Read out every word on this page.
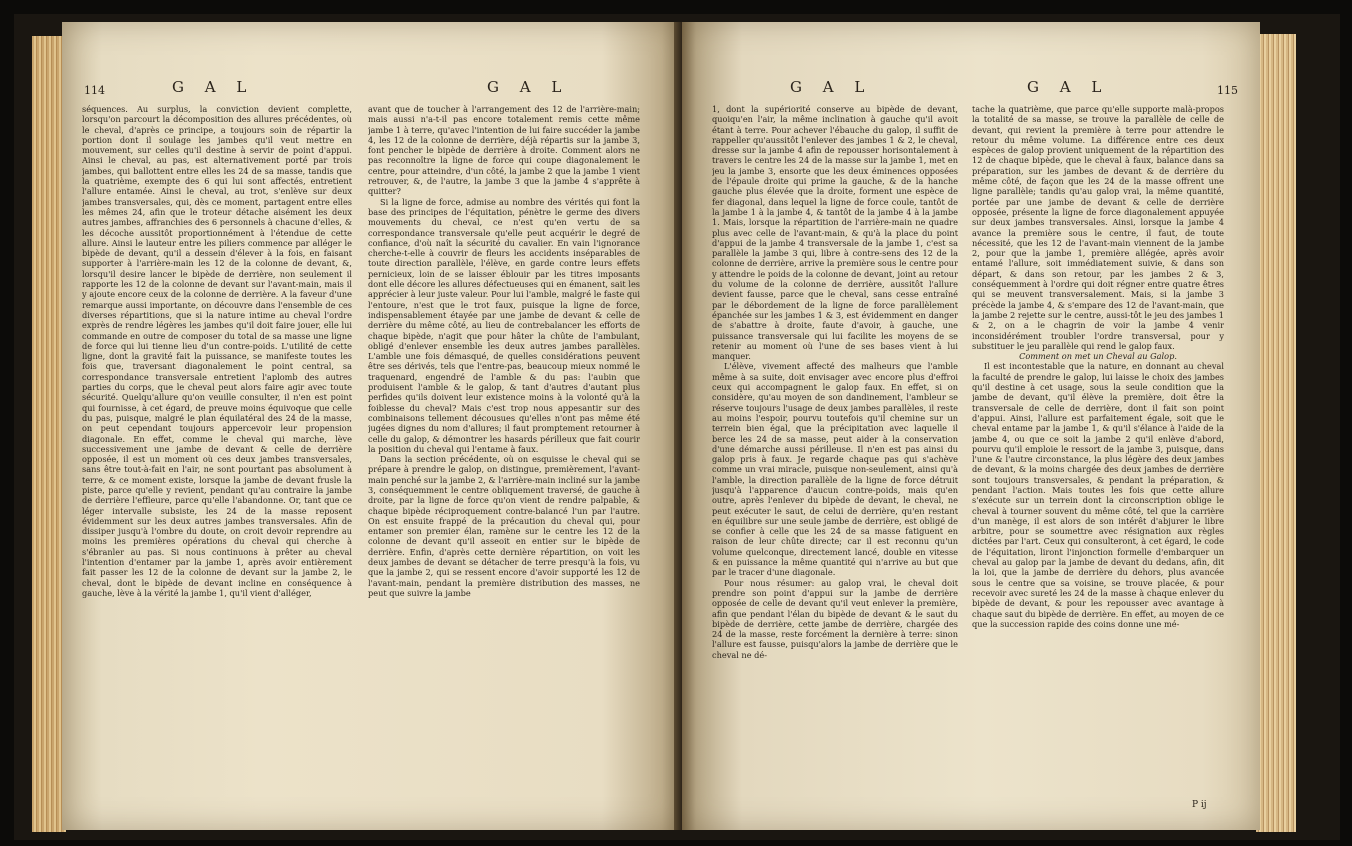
114	G A L	G A L

séquences. Au surplus, la conviction devient complette, lorsqu'on parcourt la décomposition des allures précédentes, où le cheval, d'après ce principe, a toujours soin de répartir la portion dont il soulage les jambes qu'il veut mettre en mouvement, sur celles qu'il destine à servir de point d'appui. Ainsi le cheval, au pas, est alternativement porté par trois jambes, qui ballottent entre elles les 24 de sa masse, tandis que la quatrième, exempte des 6 qui lui sont affectés, entretient l'allure entamée. Ainsi le cheval, au trot, s'enlève sur deux jambes transversales, qui, dès ce moment, partagent entre elles les mêmes 24, afin que le troteur détache aisément les deux autres jambes, affranchies des 6 personnels à chacune d'elles, & les décoche aussitôt proportionnément à l'étendue de cette allure. Ainsi le lauteur entre les piliers commence par alléger le bipède de devant, qu'il a dessein d'élever à la fois, en faisant supporter à l'arrière-main les 12 de la colonne de devant, &, lorsqu'il desire lancer le bipède de derrière, non seulement il rapporte les 12 de la colonne de devant sur l'avant-main, mais il y ajoute encore ceux de la colonne de derrière. A la faveur d'une remarque aussi importante, on découvre dans l'ensemble de ces diverses répartitions, que si la nature intime au cheval l'ordre exprès de rendre légères les jambes qu'il doit faire jouer, elle lui commande en outre de composer du total de sa masse une ligne de force qui lui tienne lieu d'un contre-poids. L'utilité de cette ligne, dont la gravité fait la puissance, se manifeste toutes les fois que, traversant diagonalement le point central, sa correspondance transversale entretient l'aplomb des autres parties du corps, que le cheval peut alors faire agir avec toute sécurité. Quelqu'allure qu'on veuille consulter, il n'en est point qui fournisse, à cet égard, de preuve moins équivoque que celle du pas, puisque, malgré le plan équilatéral des 24 de la masse, on peut cependant toujours appercevoir leur propension diagonale. En effet, comme le cheval qui marche, lève successivement une jambe de devant & celle de derrière opposée, il est un moment où ces deux jambes transversales, sans être tout-à-fait en l'air, ne sont pourtant pas absolument à terre, & ce moment existe, lorsque la jambe de devant frusle la piste, parce qu'elle y revient, pendant qu'au contraire la jambe de derrière l'effleure, parce qu'elle l'abandonne. Or, tant que ce léger intervalle subsiste, les 24 de la masse reposent évidemment sur les deux autres jambes transversales. Afin de dissiper jusqu'à l'ombre du doute, on croit devoir reprendre au moins les premières opérations du cheval qui cherche à s'ébranler au pas. Si nous continuons à prêter au cheval l'intention d'entamer par la jambe 1, après avoir entièrement fait passer les 12 de la colonne de devant sur la jambe 2, le cheval, dont le bipède de devant incline en conséquence à gauche, lève à la vérité la jambe 1, qu'il vient d'alléger,

avant que de toucher à l'arrangement des 12 de l'arrière-main; mais aussi n'a-t-il pas encore totalement remis cette même jambe 1 à terre, qu'avec l'intention de lui faire succéder la jambe 4, les 12 de la colonne de derrière, déjà répartis sur la jambe 3, font pencher le bipède de derrière à droite. Comment alors ne pas reconnoître la ligne de force qui coupe diagonalement le centre, pour atteindre, d'un côté, la jambe 2 que la jambe 1 vient retrouver, &, de l'autre, la jambe 3 que la jambe 4 s'apprête à quitter?

Si la ligne de force, admise au nombre des vérités qui font la base des principes de l'équitation, pénètre le germe des divers mouvements du cheval, ce n'est qu'en vertu de sa correspondance transversale qu'elle peut acquérir le degré de confiance, d'où naît la sécurité du cavalier. En vain l'ignorance cherche-t-elle à couvrir de fleurs les accidents inséparables de toute direction parallèle, l'élève, en garde contre leurs effets pernicieux, loin de se laisser éblouir par les titres imposants dont elle décore les allures défectueuses qui en émanent, sait les apprécier à leur juste valeur. Pour lui l'amble, malgré le faste qui l'entoure, n'est que le trot faux, puisque la ligne de force, indispensablement étayée par une jambe de devant & celle de derrière du même côté, au lieu de contrebalancer les efforts de chaque bipède, n'agit que pour hâter la chûte de l'ambulant, obligé d'enlever ensemble les deux autres jambes parallèles. L'amble une fois démasqué, de quelles considérations peuvent être ses dérivés, tels que l'entre-pas, beaucoup mieux nommé le traquenard, engendré de l'amble & du pas: l'aubin que produisent l'amble & le galop, & tant d'autres d'autant plus perfides qu'ils doivent leur existence moins à la volonté qu'à la foiblesse du cheval? Mais c'est trop nous appesantir sur des combinaisons tellement décousues qu'elles n'ont pas même été jugées dignes du nom d'allures; il faut promptement retourner à celle du galop, & démontrer les hasards périlleux que fait courir la position du cheval qui l'entame à faux.

Dans la section précédente, où on esquisse le cheval qui se prépare à prendre le galop, on distingue, premièrement, l'avant-main penché sur la jambe 2, & l'arrière-main incliné sur la jambe 3, conséquemment le centre obliquement traversé, de gauche à droite, par la ligne de force qu'on vient de rendre palpable, & chaque bipède réciproquement contre-balancé l'un par l'autre. On est ensuite frappé de la précaution du cheval qui, pour entamer son premier élan, ramène sur le centre les 12 de la colonne de devant qu'il asseoit en entier sur le bipède de derrière. Enfin, d'après cette dernière répartition, on voit les deux jambes de devant se détacher de terre presqu'à la fois, vu que la jambe 2, qui se ressent encore d'avoir supporté les 12 de l'avant-main, pendant la première distribution des masses, ne peut que suivre la jambe

G A L	G A L	115

1, dont la supériorité conserve au bipède de devant, quoiqu'en l'air, la même inclination à gauche qu'il avoit étant à terre. Pour achever l'ébauche du galop, il suffit de rappeller qu'aussitôt l'enlever des jambes 1 & 2, le cheval, dresse sur la jambe 4 afin de repousser horisontalement à travers le centre les 24 de la masse sur la jambe 1, met en jeu la jambe 3, ensorte que les deux éminences opposées de l'épaule droite qui prime la gauche, & de la hanche gauche plus élevée que la droite, forment une espèce de fer diagonal, dans lequel la ligne de force coule, tantôt de la jambe 1 à la jambe 4, & tantôt de la jambe 4 à la jambe 1. Mais, lorsque la répartition de l'arrière-main ne quadre plus avec celle de l'avant-main, & qu'à la place du point d'appui de la jambe 4 transversale de la jambe 1, c'est sa parallèle la jambe 3 qui, libre à contre-sens des 12 de la colonne de derrière, arrive la première sous le centre pour y attendre le poids de la colonne de devant, joint au retour du volume de la colonne de derrière, aussitôt l'allure devient fausse, parce que le cheval, sans cesse entraîné par le débordement de la ligne de force parallèlement épanchée sur les jambes 1 & 3, est évidemment en danger de s'abattre à droite, faute d'avoir, à gauche, une puissance transversale qui lui facilite les moyens de se retenir au moment où l'une de ses bases vient à lui manquer.

L'élève, vivement affecté des malheurs que l'amble même à sa suite, doit envisager avec encore plus d'effroi ceux qui accompagnent le galop faux. En effet, si on considère, qu'au moyen de son dandinement, l'ambleur se réserve toujours l'usage de deux jambes parallèles, il reste au moins l'espoir, pourvu toutefois qu'il chemine sur un terrein bien égal, que la précipitation avec laquelle il berce les 24 de sa masse, peut aider à la conservation d'une démarche aussi périlleuse. Il n'en est pas ainsi du galop pris à faux. Je regarde chaque pas qui s'achève comme un vrai miracle, puisque non-seulement, ainsi qu'à l'amble, la direction parallèle de la ligne de force détruit jusqu'à l'apparence d'aucun contre-poids, mais qu'en outre, après l'enlever du bipède de devant, le cheval, ne peut exécuter le saut, de celui de derrière, qu'en restant en équilibre sur une seule jambe de derrière, est obligé de se confier à celle que les 24 de sa masse fatiguent en raison de leur chûte directe; car il est reconnu qu'un volume quelconque, directement lancé, double en vitesse & en puissance la même quantité qui n'arrive au but que par le tracer d'une diagonale.

Pour nous résumer: au galop vrai, le cheval doit prendre son point d'appui sur la jambe de derrière opposée de celle de devant qu'il veut enlever la première, afin que pendant l'élan du bipède de devant & le saut du bipède de derrière, cette jambe de derrière, chargée des 24 de la masse, reste forcément la dernière à terre: sinon l'allure est fausse, puisqu'alors la jambe de derrière que le cheval ne dé-

tache la quatrième, que parce qu'elle supporte malà-propos la totalité de sa masse, se trouve la parallèle de celle de devant, qui revient la première à terre pour attendre le retour du même volume. La différence entre ces deux espèces de galop provient uniquement de la répartition des 12 de chaque bipède, que le cheval à faux, balance dans sa préparation, sur les jambes de devant & de derrière du même côté, de façon que les 24 de la masse offrent une ligne parallèle; tandis qu'au galop vrai, la même quantité, portée par une jambe de devant & celle de derrière opposée, présente la ligne de force diagonalement appuyée sur deux jambes transversales. Ainsi, lorsque la jambe 4 avance la première sous le centre, il faut, de toute nécessité, que les 12 de l'avant-main viennent de la jambe 2, pour que la jambe 1, première allégée, après avoir entamé l'allure, soit immédiatement suivie, & dans son départ, & dans son retour, par les jambes 2 & 3, conséquemment à l'ordre qui doit régner entre quatre êtres qui se meuvent transversalement. Mais, si la jambe 3 précède la jambe 4, & s'empare des 12 de l'avant-main, que la jambe 2 rejette sur le centre, aussi-tôt le jeu des jambes 1 & 2, on a le chagrin de voir la jambe 4 venir inconsidérément troubler l'ordre transversal, pour y substituer le jeu parallèle qui rend le galop faux.

Comment on met un Cheval au Galop.

Il est incontestable que la nature, en donnant au cheval la faculté de prendre le galop, lui laisse le choix des jambes qu'il destine à cet usage, sous la seule condition que la jambe de devant, qu'il élève la première, doit être la transversale de celle de derrière, dont il fait son point d'appui. Ainsi, l'allure est parfaitement égale, soit que le cheval entame par la jambe 1, & qu'il s'élance à l'aide de la jambe 4, ou que ce soit la jambe 2 qu'il enlève d'abord, pourvu qu'il emploie le ressort de la jambe 3, puisque, dans l'une & l'autre circonstance, la plus légère des deux jambes de devant, & la moins chargée des deux jambes de derrière sont toujours transversales, & pendant la préparation, & pendant l'action. Mais toutes les fois que cette allure s'exécute sur un terrein dont la circonscription oblige le cheval à tourner souvent du même côté, tel que la carrière d'un manège, il est alors de son intérêt d'abjurer le libre arbitre, pour se soumettre avec résignation aux règles dictées par l'art. Ceux qui consulteront, à cet égard, le code de l'équitation, liront l'injonction formelle d'embarquer un cheval au galop par la jambe de devant du dedans, afin, dit la loi, que la jambe de derrière du dehors, plus avancée sous le centre que sa voisine, se trouve placée, & pour recevoir avec sureté les 24 de la masse à chaque enlever du bipède de devant, & pour les repousser avec avantage à chaque saut du bipède de derrière. En effet, au moyen de ce que la succession rapide des coins donne une mé-

P ij
